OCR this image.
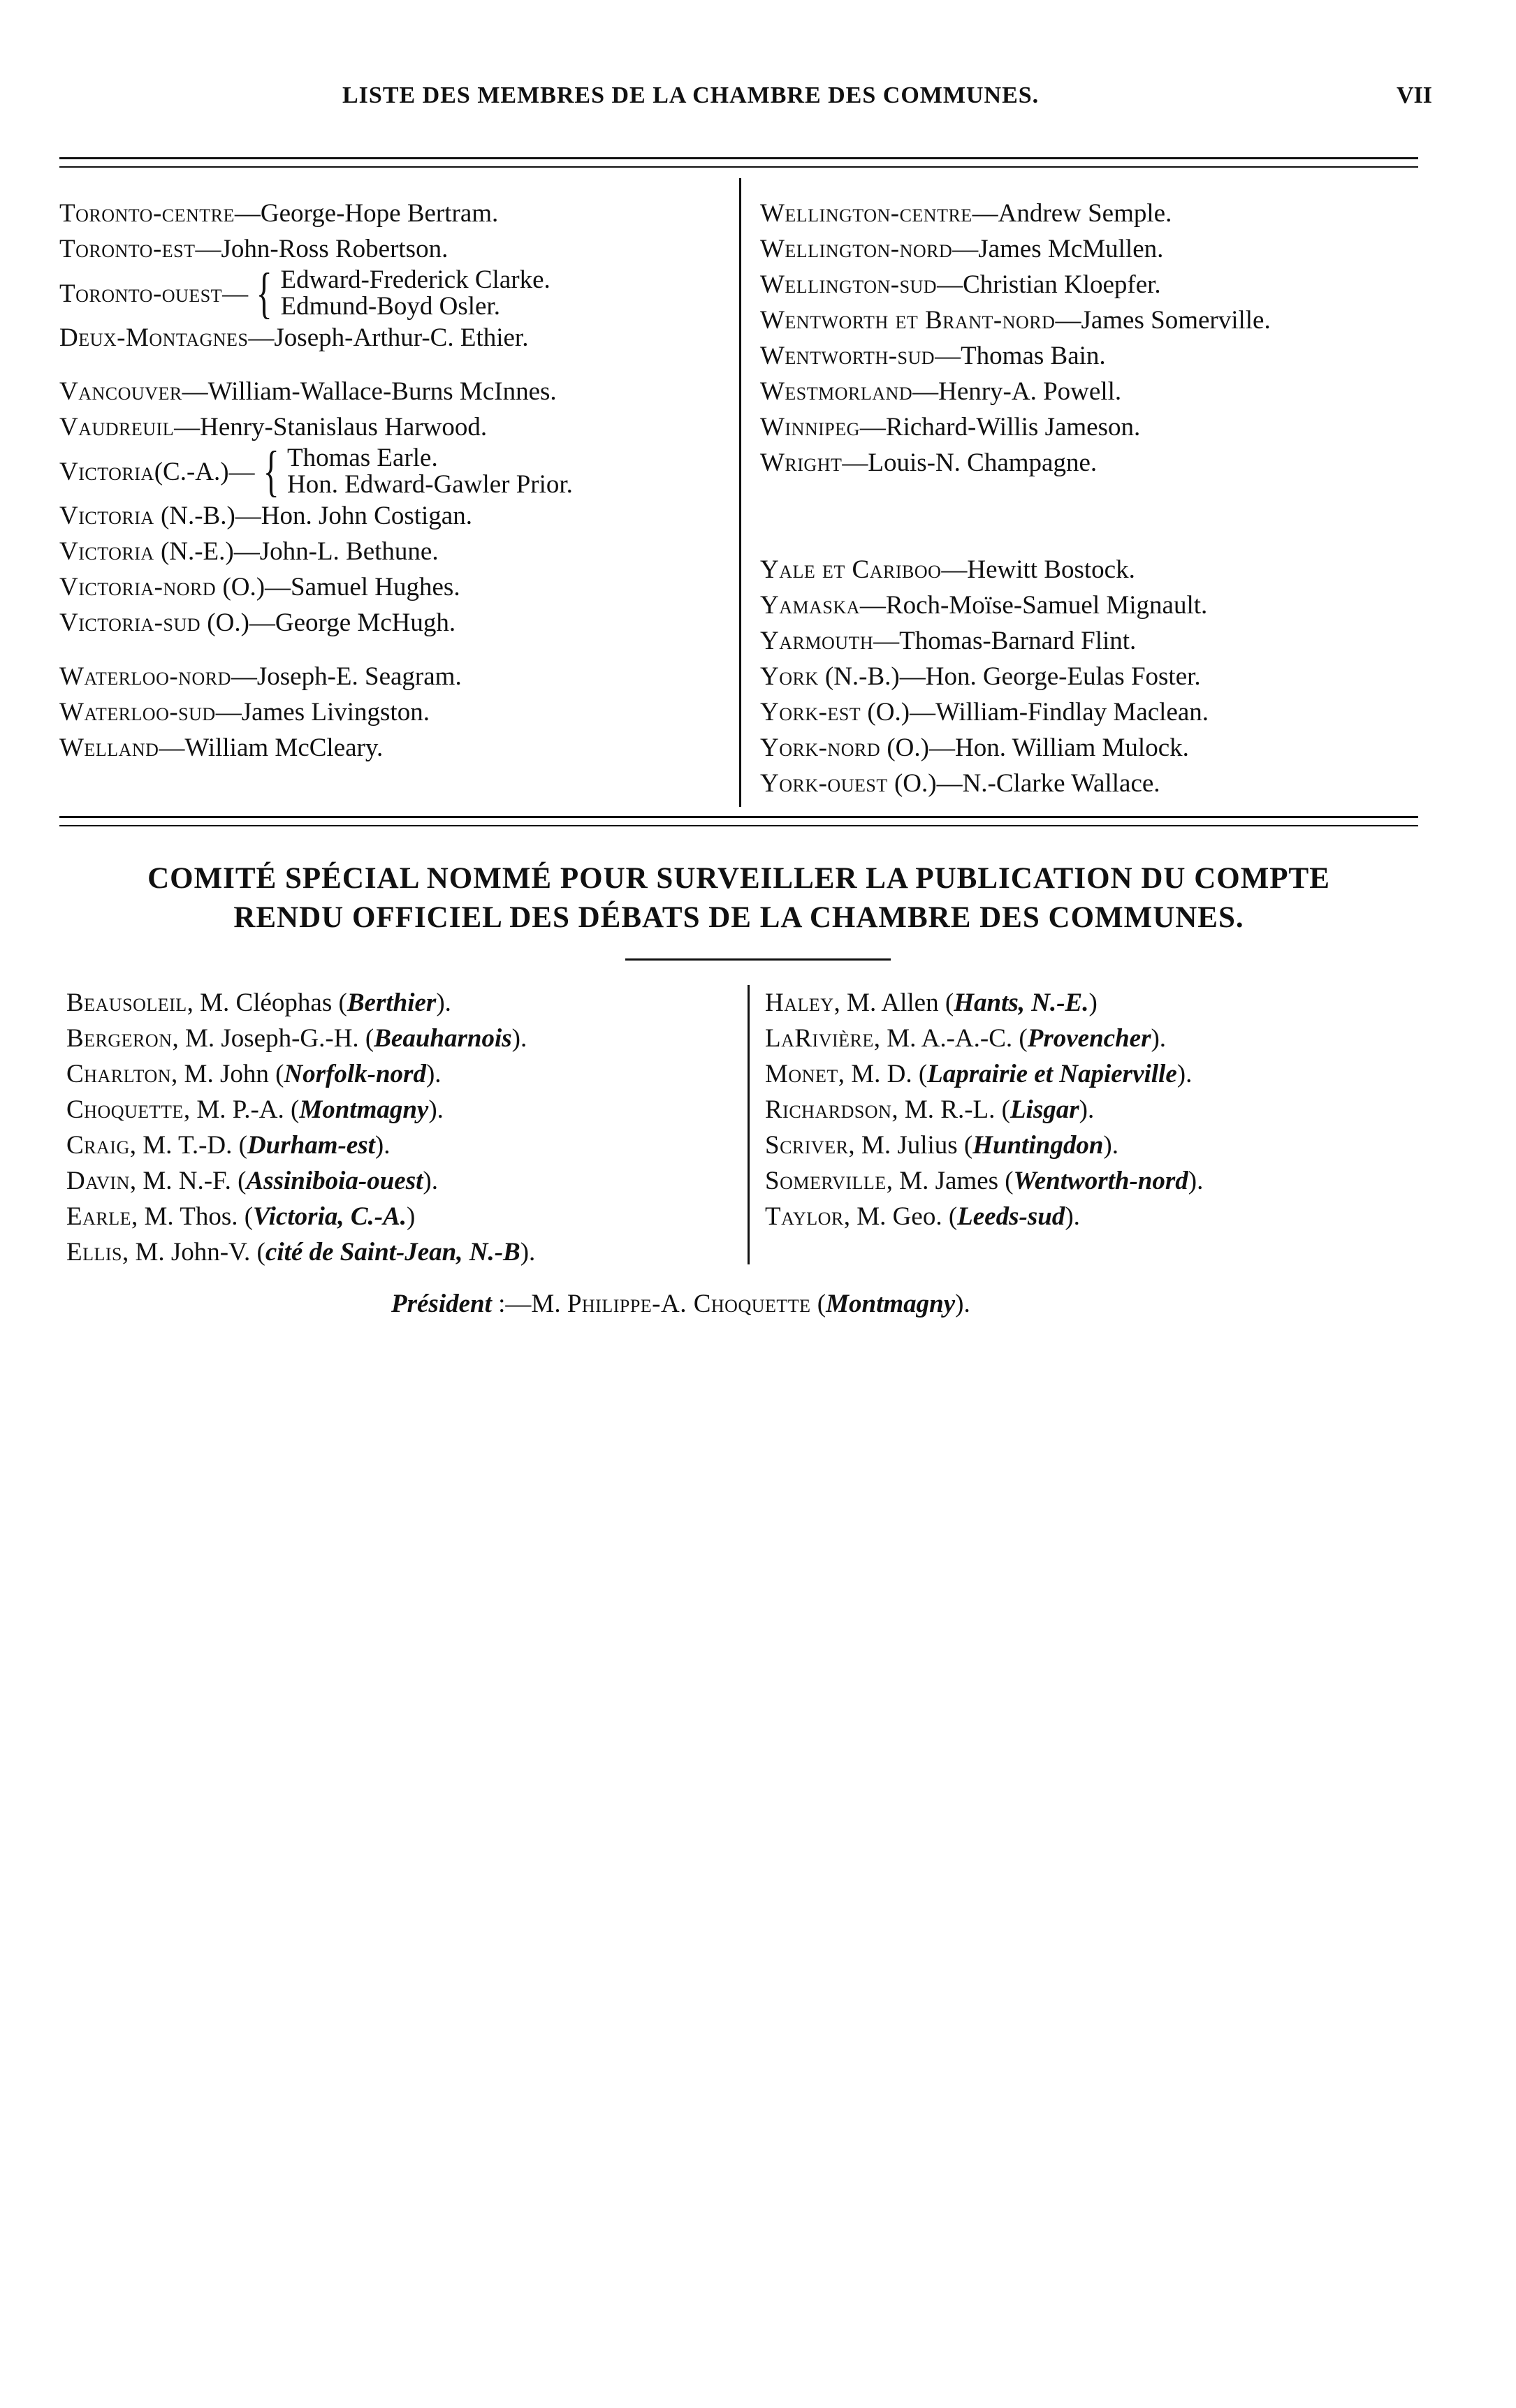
LISTE DES MEMBRES DE LA CHAMBRE DES COMMUNES.	VII
Toronto-centre—George-Hope Bertram.
Toronto-est—John-Ross Robertson.
Toronto-ouest — { Edward-Frederick Clarke.
Edmund-Boyd Osler.
Deux-Montagnes—Joseph-Arthur-C. Ethier.
Vancouver—William-Wallace-Burns McInnes.
Vaudreuil—Henry-Stanislaus Harwood.
Victoria (C.-A.)— { Thomas Earle.
Hon. Edward-Gawler Prior.
Victoria (N.-B.)—Hon. John Costigan.
Victoria (N.-E.)—John-L. Bethune.
Victoria-nord (O.)—Samuel Hughes.
Victoria-sud (O.)—George McHugh.
Waterloo-nord—Joseph-E. Seagram.
Waterloo-sud—James Livingston.
Welland—William McCleary.
Wellington-centre—Andrew Semple.
Wellington-nord—James McMullen.
Wellington-sud—Christian Kloepfer.
Wentworth et Brant-nord—James Somerville.
Wentworth-sud—Thomas Bain.
Westmorland—Henry-A. Powell.
Winnipeg—Richard-Willis Jameson.
Wright—Louis-N. Champagne.
Yale et Cariboo—Hewitt Bostock.
Yamaska—Roch-Moïse-Samuel Mignault.
Yarmouth—Thomas-Barnard Flint.
York (N.-B.)—Hon. George-Eulas Foster.
York-est (O.)—William-Findlay Maclean.
York-nord (O.)—Hon. William Mulock.
York-ouest (O.)—N.-Clarke Wallace.
COMITÉ SPÉCIAL NOMMÉ POUR SURVEILLER LA PUBLICATION DU COMPTE
RENDU OFFICIEL DES DÉBATS DE LA CHAMBRE DES COMMUNES.
Beausoleil, M. Cléophas (Berthier).
Bergeron, M. Joseph-G.-H. (Beauharnois).
Charlton, M. John (Norfolk-nord).
Choquette, M. P.-A. (Montmagny).
Craig, M. T.-D. (Durham-est).
Davin, M. N.-F. (Assiniboia-ouest).
Earle, M. Thos. (Victoria, C.-A.)
Ellis, M. John-V. (cité de Saint-Jean, N.-B).
Haley, M. Allen (Hants, N.-E.)
LaRivière, M. A.-A.-C. (Provencher).
Monet, M. D. (Laprairie et Napierville).
Richardson, M. R.-L. (Lisgar).
Scriver, M. Julius (Huntingdon).
Somerville, M. James (Wentworth-nord).
Taylor, M. Geo. (Leeds-sud).
Président :—M. Philippe-A. Choquette (Montmagny).
